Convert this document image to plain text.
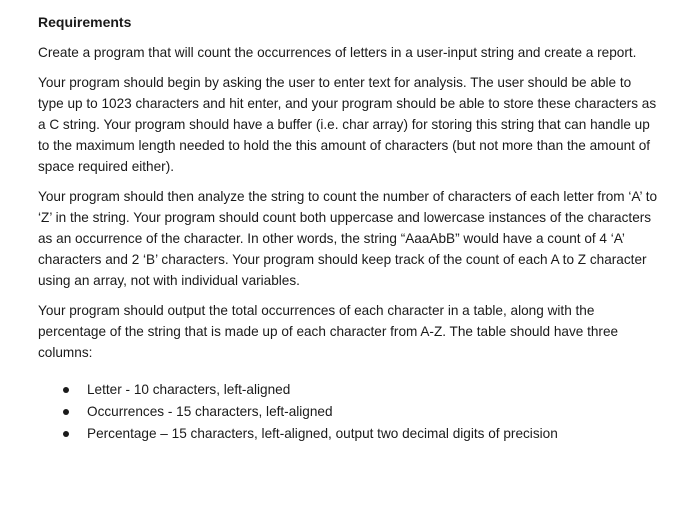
Requirements

Create a program that will count the occurrences of letters in a user-input string and create a report.

Your program should begin by asking the user to enter text for analysis. The user should be able to type up to 1023 characters and hit enter, and your program should be able to store these characters as a C string. Your program should have a buffer (i.e. char array) for storing this string that can handle up to the maximum length needed to hold the this amount of characters (but not more than the amount of space required either).

Your program should then analyze the string to count the number of characters of each letter from ‘A’ to ‘Z’ in the string. Your program should count both uppercase and lowercase instances of the characters as an occurrence of the character. In other words, the string “AaaAbB” would have a count of 4 ‘A’ characters and 2 ‘B’ characters. Your program should keep track of the count of each A to Z character using an array, not with individual variables.

Your program should output the total occurrences of each character in a table, along with the percentage of the string that is made up of each character from A-Z. The table should have three columns:

Letter - 10 characters, left-aligned
Occurrences - 15 characters, left-aligned
Percentage – 15 characters, left-aligned, output two decimal digits of precision
